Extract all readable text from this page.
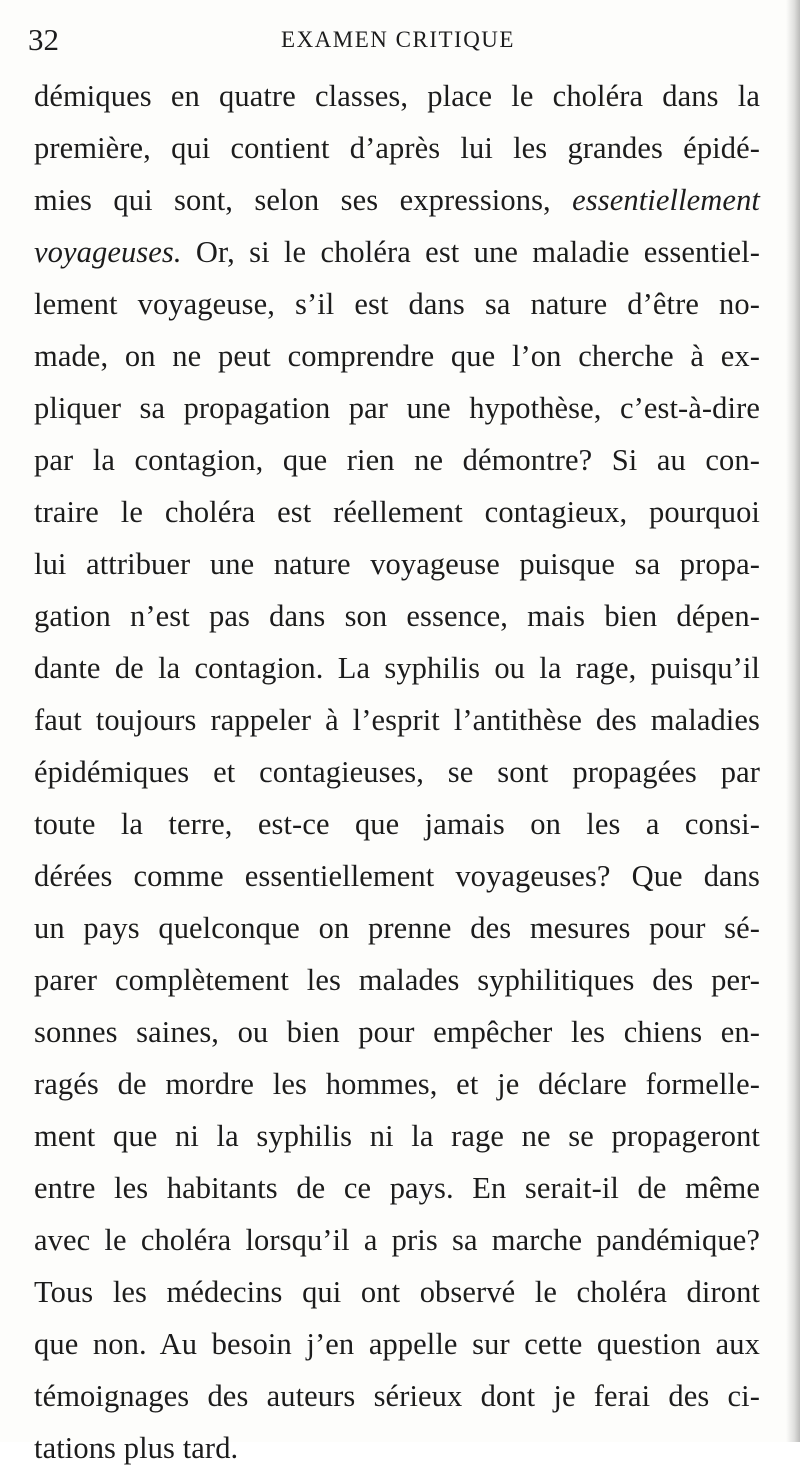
32	EXAMEN CRITIQUE
démiques en quatre classes, place le choléra dans la
première, qui contient d’après lui les grandes épidé-
mies qui sont, selon ses expressions, essentiellement
voyageuses. Or, si le choléra est une maladie essentiel-
lement voyageuse, s’il est dans sa nature d’être no-
made, on ne peut comprendre que l’on cherche à ex-
pliquer sa propagation par une hypothèse, c’est-à-dire
par la contagion, que rien ne démontre? Si au con-
traire le choléra est réellement contagieux, pourquoi
lui attribuer une nature voyageuse puisque sa propa-
gation n’est pas dans son essence, mais bien dépen-
dante de la contagion. La syphilis ou la rage, puisqu’il
faut toujours rappeler à l’esprit l’antithèse des maladies
épidémiques et contagieuses, se sont propagées par
toute la terre, est-ce que jamais on les a consi-
dérées comme essentiellement voyageuses? Que dans
un pays quelconque on prenne des mesures pour sé-
parer complètement les malades syphilitiques des per-
sonnes saines, ou bien pour empêcher les chiens en-
ragés de mordre les hommes, et je déclare formelle-
ment que ni la syphilis ni la rage ne se propageront
entre les habitants de ce pays. En serait-il de même
avec le choléra lorsqu’il a pris sa marche pandémique?
Tous les médecins qui ont observé le choléra diront
que non. Au besoin j’en appelle sur cette question aux
témoignages des auteurs sérieux dont je ferai des ci-
tations plus tard.
